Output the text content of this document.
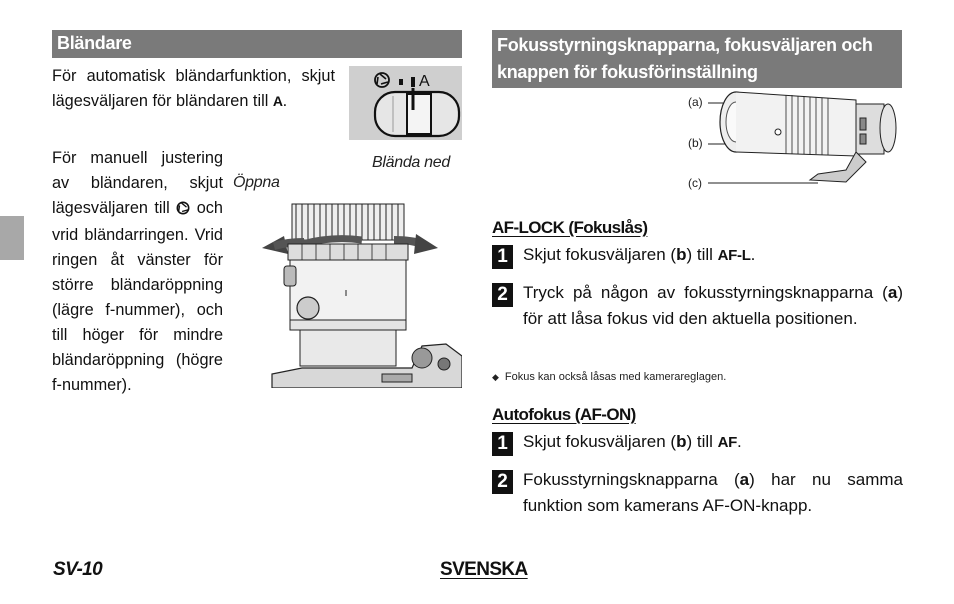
Bländare

För automatisk bländarfunktion, skjut lägesväljaren för bländaren till A.

A

För manuell justering av bländaren, skjut lägesväljaren till  och vrid bländarringen. Vrid ringen åt vänster för större bländaröppning (lägre f-nummer), och till höger för mindre bländaröppning (högre f-nummer).

Öppna
Blända ned
Fokusstyrningsknapparna, fokusväljaren och knappen för fokusförinställning
(a)
(b)
(c)

AF-LOCK (Fokuslås)

1 Skjut fokusväljaren (b) till AF-L.

2 Tryck på någon av fokusstyrningsknapparna (a) för att låsa fokus vid den aktuella positionen.

◆ Fokus kan också låsas med kamerareglagen.

Autofokus (AF-ON)

1 Skjut fokusväljaren (b) till AF.

2 Fokusstyrningsknapparna (a) har nu samma funktion som kamerans AF-ON-knapp.

SV-10	SVENSKA
